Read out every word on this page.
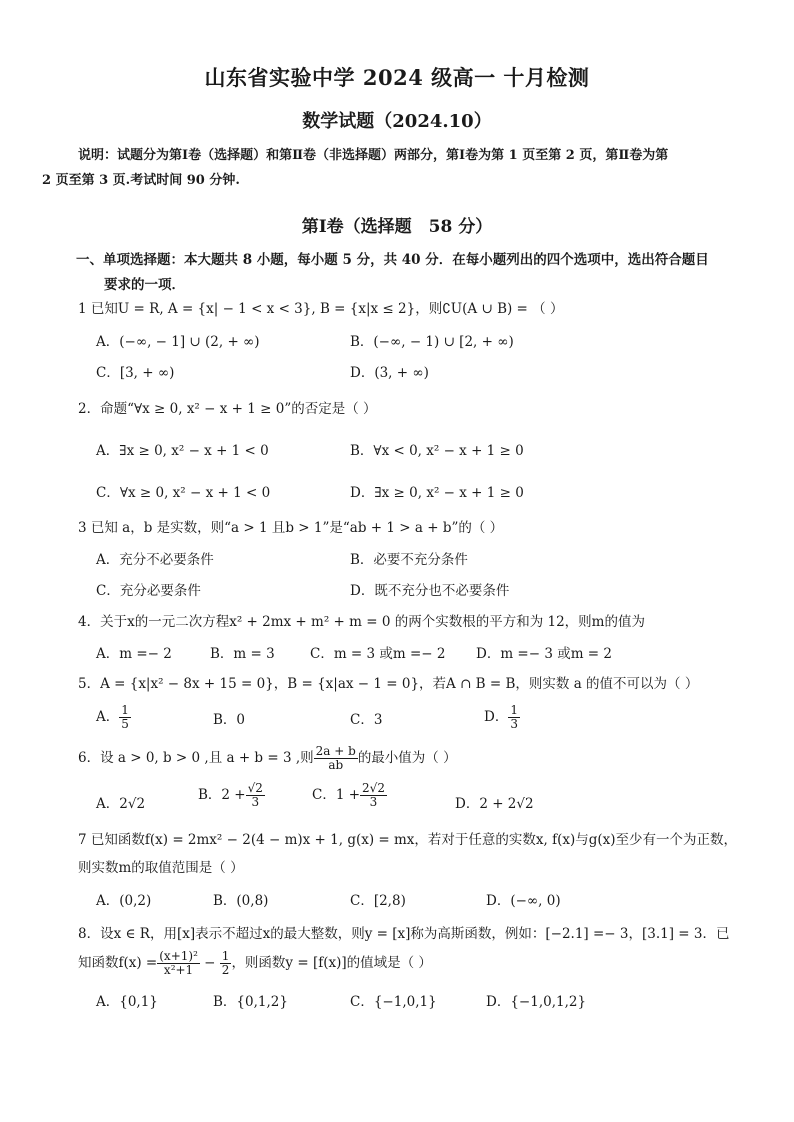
山东省实验中学 2024 级高一 十月检测
数学试题（2024.10）
说明：试题分为第Ⅰ卷（选择题）和第Ⅱ卷（非选择题）两部分，第Ⅰ卷为第 1 页至第 2 页，第Ⅱ卷为第
2 页至第 3 页.考试时间 90 分钟.
第Ⅰ卷（选择题　58 分）
一、单项选择题：本大题共 8 小题，每小题 5 分，共 40 分．在每小题列出的四个选项中，选出符合题目
要求的一项．
1 已知U = R, A = {x| − 1 < x < 3}, B = {x|x ≤ 2}，则∁U(A ∪ B) = （ ）
A．(−∞, − 1] ∪ (2, + ∞)	B．(−∞, − 1) ∪ [2, + ∞)
C．[3, + ∞)	D．(3, + ∞)
2．命题“∀x ≥ 0, x² − x + 1 ≥ 0”的否定是（ ）
A．∃x ≥ 0, x² − x + 1 < 0	B．∀x < 0, x² − x + 1 ≥ 0
C．∀x ≥ 0, x² − x + 1 < 0	D．∃x ≥ 0, x² − x + 1 ≥ 0
3 已知 a，b 是实数，则“a > 1 且b > 1”是“ab + 1 > a + b”的（ ）
A．充分不必要条件	B．必要不充分条件
C．充分必要条件	D．既不充分也不必要条件
4．关于x的一元二次方程x² + 2mx + m² + m = 0 的两个实数根的平方和为 12，则m的值为
A．m =− 2	B．m = 3	C．m = 3 或m =− 2 D．m =− 3 或m = 2
5．A = {x|x² − 8x + 15 = 0}，B = {x|ax − 1 = 0}，若A ∩ B = B，则实数 a 的值不可以为（ ）
A． $\frac{1}{5}$	B．0	C．3	D． $\frac{1}{3}$
6．设 a > 0, b > 0 ,且 a + b = 3 ,则 $\frac{2a + b}{ab}$ 的最小值为（ ）
A．2√2
B．$2 + \frac{√2}{3}$	C．$1 + \frac{2√2}{3}$	D．2 + 2√2
7 已知函数f(x) = 2mx² − 2(4 − m)x + 1, g(x) = mx，若对于任意的实数x, f(x)与g(x)至少有一个为正数，
则实数m的取值范围是（ ）
A．(0,2)	B．(0,8)	C．[2,8)	D．(−∞, 0)
8．设x ∈ R，用[x]表示不超过x的最大整数，则y = [x]称为高斯函数，例如：[−2.1] =− 3，[3.1] = 3．已
知函数$f(x) = \frac{\text{(x+1)²}}{\text{x²+1}} - \frac{1}{2}$ ，则函数y = [f(x)]的值域是（ ）
A．{0,1}	B．{0,1,2}	C．{−1,0,1}	D．{−1,0,1,2}
